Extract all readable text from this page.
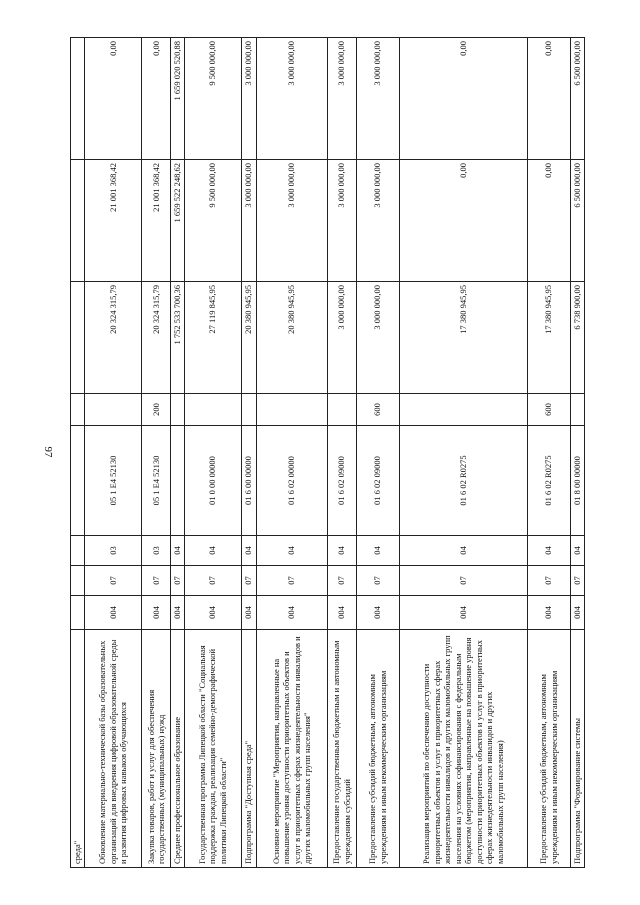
97
среда"								
Обновление материально-технической базы образовательных организаций для внедрения цифровой образовательной среды и развития цифровых навыков обучающихся	004	07	03	05 1 E4 52130		20 324 315,79	21 001 368,42	0,00
Закупка товаров, работ и услуг для обеспечения государственных (муниципальных) нужд	004	07	03	05 1 E4 52130	200	20 324 315,79	21 001 368,42	0,00
Среднее профессиональное образование	004	07	04			1 752 533 700,36	1 659 522 248,62	1 659 020 520,88
Государственная программа Липецкой области "Социальная поддержка граждан, реализация семейно-демографической политики Липецкой области"	004	07	04	01 0 00 00000		27 119 845,95	9 500 000,00	9 500 000,00
Подпрограмма "Доступная среда"	004	07	04	01 6 00 00000		20 380 945,95	3 000 000,00	3 000 000,00
Основное мероприятие "Мероприятия, направленные на повышение уровня доступности приоритетных объектов и услуг в приоритетных сферах жизнедеятельности инвалидов и других маломобильных групп населения"	004	07	04	01 6 02 00000		20 380 945,95	3 000 000,00	3 000 000,00
Предоставление государственным бюджетным и автономным учреждениям субсидий	004	07	04	01 6 02 09000		3 000 000,00	3 000 000,00	3 000 000,00
Предоставление субсидий бюджетным, автономным учреждениям и иным некоммерческим организациям	004	07	04	01 6 02 09000	600	3 000 000,00	3 000 000,00	3 000 000,00
Реализация мероприятий по обеспечению доступности приоритетных объектов и услуг в приоритетных сферах жизнедеятельности инвалидов и других маломобильных групп населения на условиях софинансирования с федеральным бюджетом (мероприятия, направленные на повышение уровня доступности приоритетных объектов и услуг в приоритетных сферах жизнедеятельности инвалидов и других маломобильных групп населения)	004	07	04	01 6 02 R0275		17 380 945,95	0,00	0,00
Предоставление субсидий бюджетным, автономным учреждениям и иным некоммерческим организациям	004	07	04	01 6 02 R0275	600	17 380 945,95	0,00	0,00
Подпрограмма "Формирование системы	004	07	04	01 8 00 00000		6 738 900,00	6 500 000,00	6 500 000,00
